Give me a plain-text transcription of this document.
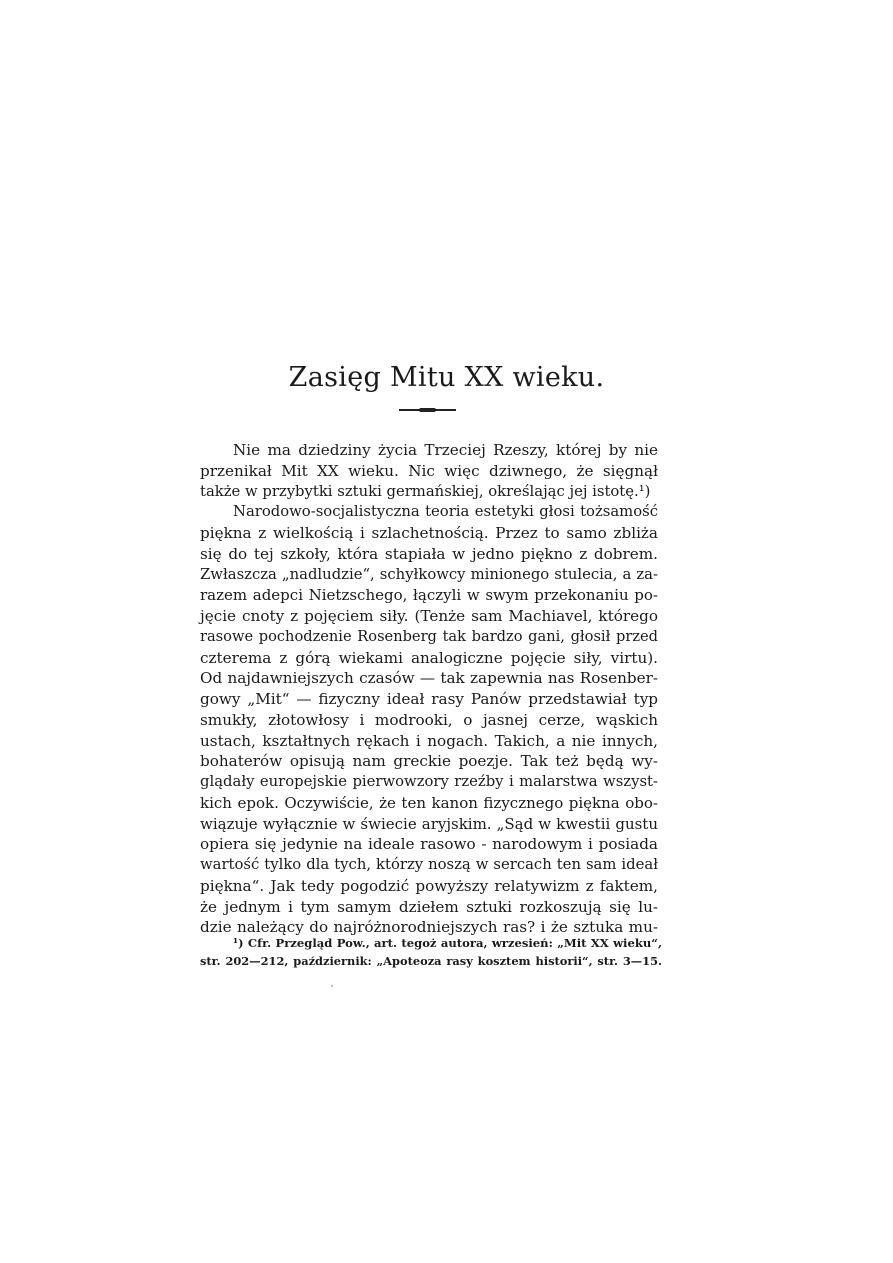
Zasięg Mitu XX wieku.
Nie ma dziedziny życia Trzeciej Rzeszy, której by nie
przenikał Mit XX wieku. Nic więc dziwnego, że sięgnął
także w przybytki sztuki germańskiej, określając jej istotę.¹)
Narodowo-socjalistyczna teoria estetyki głosi tożsamość
piękna z wielkością i szlachetnością. Przez to samo zbliża
się do tej szkoły, która stapiała w jedno piękno z dobrem.
Zwłaszcza „nadludzie“, schyłkowcy minionego stulecia, a za-
razem adepci Nietzschego, łączyli w swym przekonaniu po-
jęcie cnoty z pojęciem siły. (Tenże sam Machiavel, którego
rasowe pochodzenie Rosenberg tak bardzo gani, głosił przed
czterema z górą wiekami analogiczne pojęcie siły, virtu).
Od najdawniejszych czasów — tak zapewnia nas Rosenber-
gowy „Mit“ — fizyczny ideał rasy Panów przedstawiał typ
smukły, złotowłosy i modrooki, o jasnej cerze, wąskich
ustach, kształtnych rękach i nogach. Takich, a nie innych,
bohaterów opisują nam greckie poezje. Tak też będą wy-
glądały europejskie pierwowzory rzeźby i malarstwa wszyst-
kich epok. Oczywiście, że ten kanon fizycznego piękna obo-
wiązuje wyłącznie w świecie aryjskim. „Sąd w kwestii gustu
opiera się jedynie na ideale rasowo - narodowym i posiada
wartość tylko dla tych, którzy noszą w sercach ten sam ideał
piękna“. Jak tedy pogodzić powyższy relatywizm z faktem,
że jednym i tym samym dziełem sztuki rozkoszują się lu-
dzie należący do najróżnorodniejszych ras? i że sztuka mu-
¹) Cfr. Przegląd Pow., art. tegoż autora, wrzesień: „Mit XX wieku“,
str. 202—212, październik: „Apoteoza rasy kosztem historii“, str. 3—15.
